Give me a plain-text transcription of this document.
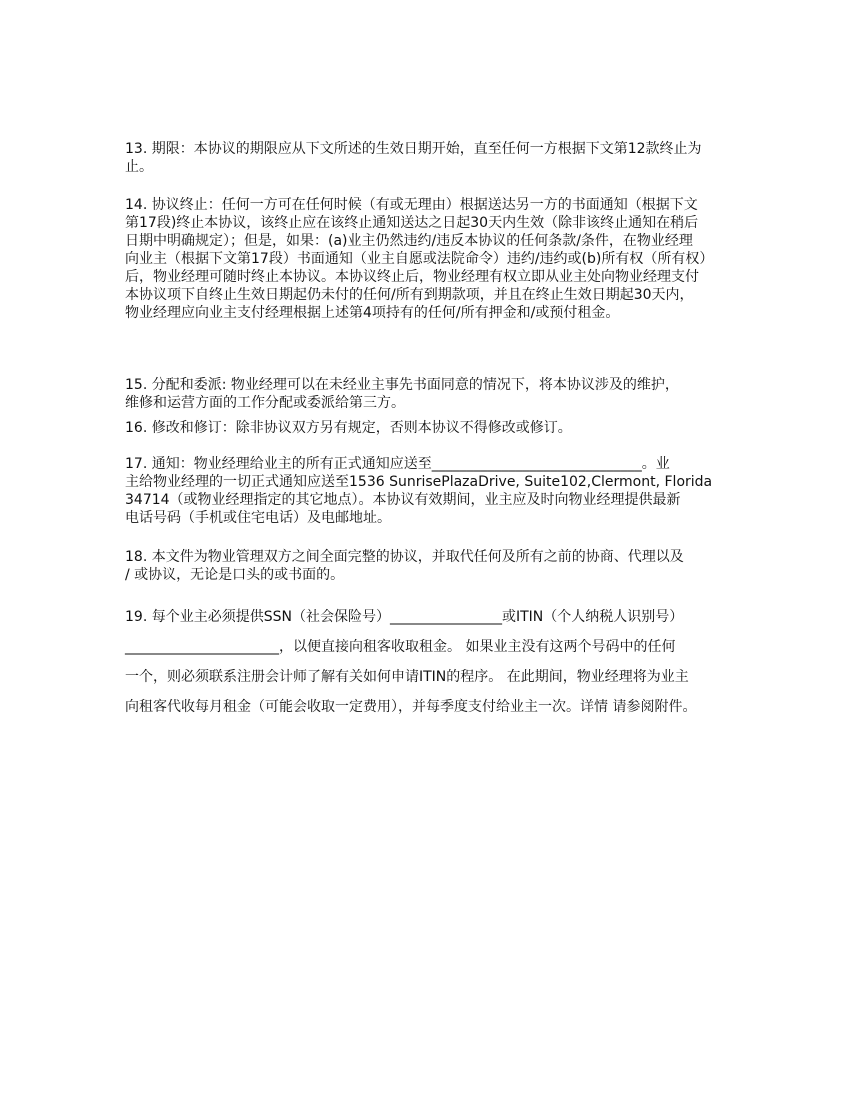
13. 期限：本协议的期限应从下文所述的生效日期开始，直至任何一方根据下文第12款终止为
止。

14. 协议终止：任何一方可在任何时候（有或无理由）根据送达另一方的书面通知（根据下文
第17段)终止本协议，该终止应在该终止通知送达之日起30天内生效（除非该终止通知在稍后
日期中明确规定）；但是，如果：(a)业主仍然违约/违反本协议的任何条款/条件，在物业经理
向业主（根据下文第17段）书面通知（业主自愿或法院命令）违约/违约或(b)所有权（所有权）
后，物业经理可随时终止本协议。本协议终止后，物业经理有权立即从业主处向物业经理支付
本协议项下自终止生效日期起仍未付的任何/所有到期款项，并且在终止生效日期起30天内，
物业经理应向业主支付经理根据上述第4项持有的任何/所有押金和/或预付租金。

15. 分配和委派: 物业经理可以在未经业主事先书面同意的情况下，将本协议涉及的维护，
维修和运营方面的工作分配或委派给第三方。

16. 修改和修订：除非协议双方另有规定，否则本协议不得修改或修订。

17. 通知：物业经理给业主的所有正式通知应送至______________________________。业
主给物业经理的一切正式通知应送至1536 SunrisePlazaDrive, Suite102,Clermont, Florida
34714（或物业经理指定的其它地点）。本协议有效期间，业主应及时向物业经理提供最新
电话号码（手机或住宅电话）及电邮地址。

18. 本文件为物业管理双方之间全面完整的协议，并取代任何及所有之前的协商、代理以及
/ 或协议，无论是口头的或书面的。

19. 每个业主必须提供SSN（社会保险号）________________或ITIN（个人纳税人识别号）
______________________，以便直接向租客收取租金。 如果业主没有这两个号码中的任何
一个，则必须联系注册会计师了解有关如何申请ITIN的程序。 在此期间，物业经理将为业主
向租客代收每月租金（可能会收取一定费用），并每季度支付给业主一次。详情 请参阅附件。
